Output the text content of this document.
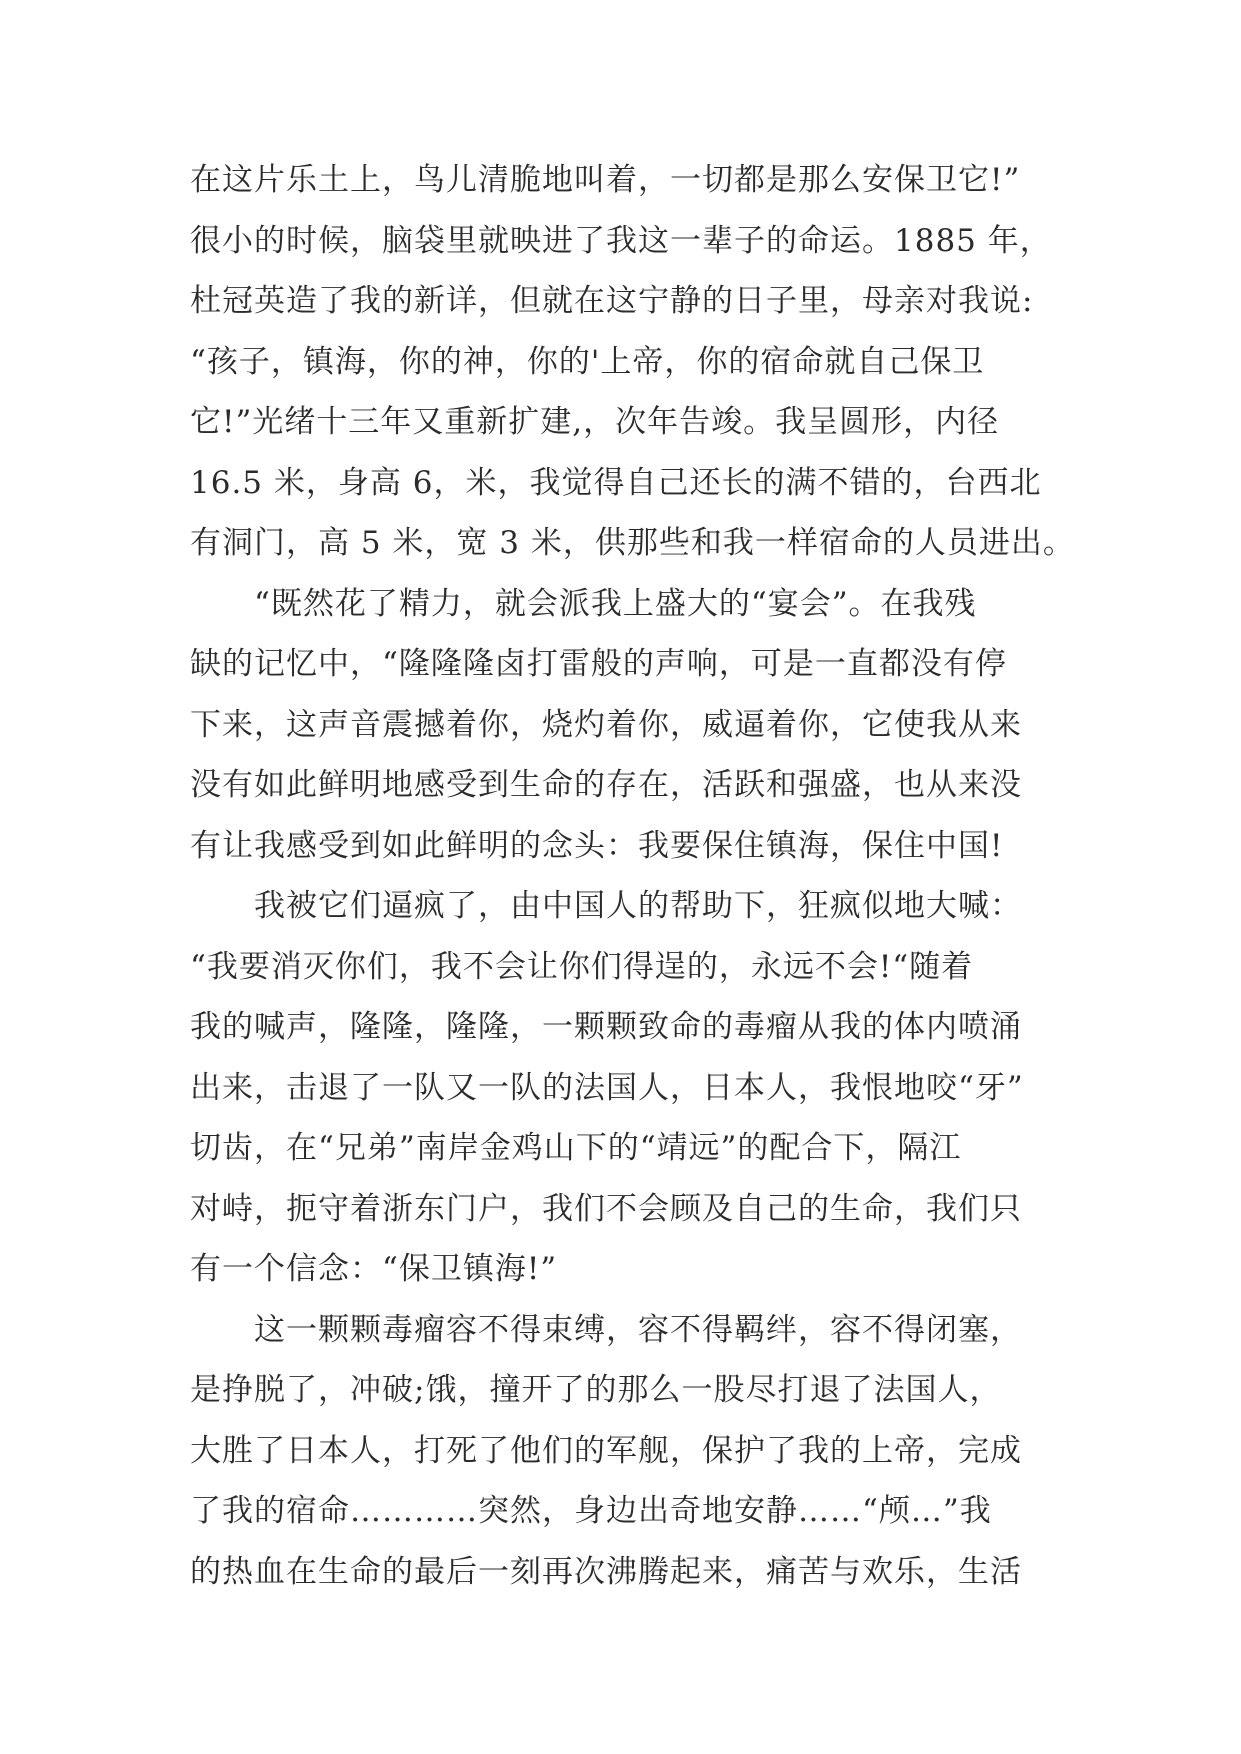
在这片乐土上，鸟儿清脆地叫着，一切都是那么安保卫它!”
很小的时候，脑袋里就映进了我这一辈子的命运。1885 年，
杜冠英造了我的新详，但就在这宁静的日子里，母亲对我说:
“孩子，镇海，你的神，你的'上帝，你的宿命就自己保卫
它!”光绪十三年又重新扩建,，次年告竣。我呈圆形，内径
16.5 米，身高 6，米，我觉得自己还长的满不错的，台西北
有洞门，高 5 米，宽 3 米，供那些和我一样宿命的人员进出。
　　“既然花了精力，就会派我上盛大的“宴会”。在我残
缺的记忆中，“隆隆隆卤打雷般的声响，可是一直都没有停
下来，这声音震撼着你，烧灼着你，威逼着你，它使我从来
没有如此鲜明地感受到生命的存在，活跃和强盛，也从来没
有让我感受到如此鲜明的念头：我要保住镇海，保住中国!
　　我被它们逼疯了，由中国人的帮助下，狂疯似地大喊：
“我要消灭你们，我不会让你们得逞的，永远不会!“随着
我的喊声，隆隆，隆隆，一颗颗致命的毒瘤从我的体内喷涌
出来，击退了一队又一队的法国人，日本人，我恨地咬“牙”
切齿，在“兄弟”南岸金鸡山下的“靖远”的配合下，隔江
对峙，扼守着浙东门户，我们不会顾及自己的生命，我们只
有一个信念：“保卫镇海!”
　　这一颗颗毒瘤容不得束缚，容不得羁绊，容不得闭塞，
是挣脱了，冲破;饿，撞开了的那么一股尽打退了法国人，
大胜了日本人，打死了他们的军舰，保护了我的上帝，完成
了我的宿命…………突然，身边出奇地安静……“颅…”我
的热血在生命的最后一刻再次沸腾起来，痛苦与欢乐，生活
